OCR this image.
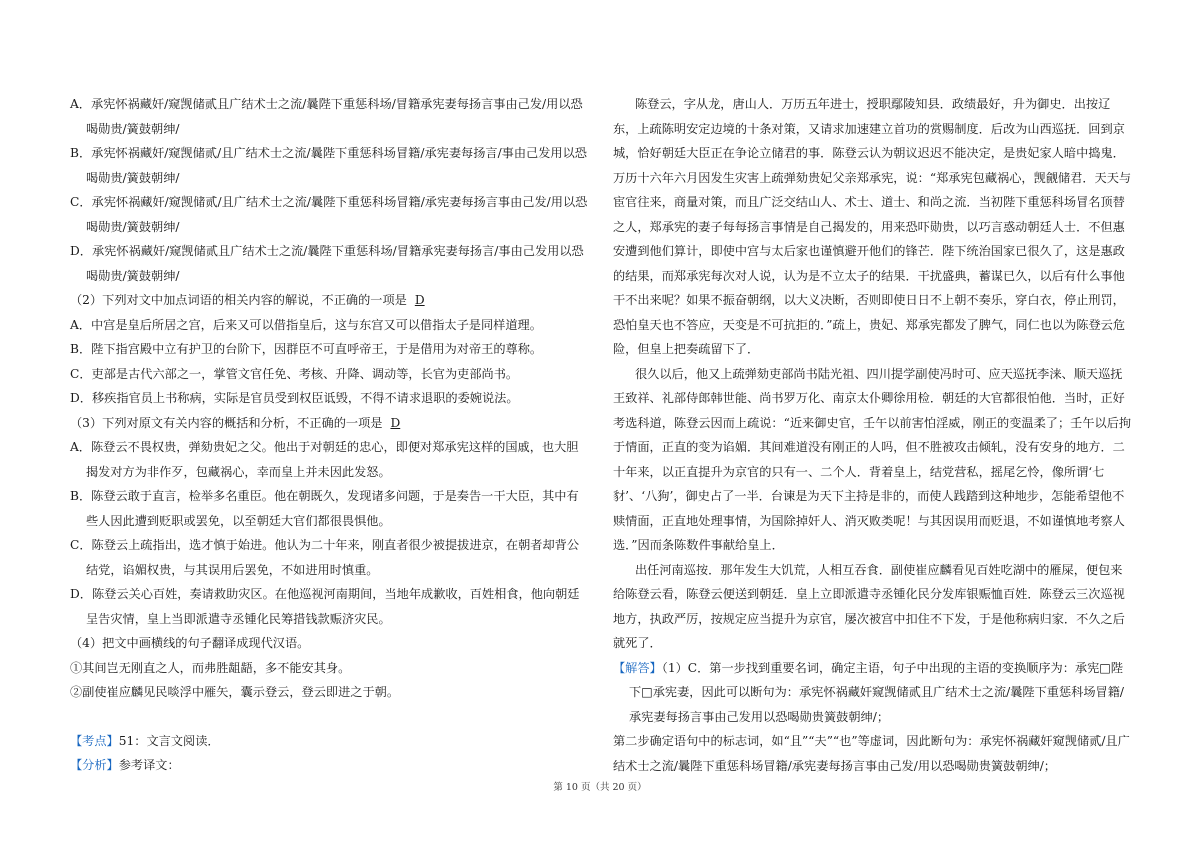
A．承宪怀祸藏奸/窥觊储贰且广结术士之流/曩陛下重惩科场/冒籍承宪妻每扬言事由己发/用以恐喝勋贵/簧鼓朝绅/

B．承宪怀祸藏奸/窥觊储贰/且广结术士之流/曩陛下重惩科场冒籍/承宪妻每扬言/事由己发用以恐喝勋贵/簧鼓朝绅/

C．承宪怀祸藏奸/窥觊储贰/且广结术士之流/曩陛下重惩科场冒籍/承宪妻每扬言事由己发/用以恐喝勋贵/簧鼓朝绅/

D．承宪怀祸藏奸/窥觊储贰且广结术士之流/曩陛下重惩科场/冒籍承宪妻每扬言/事由己发用以恐喝勋贵/簧鼓朝绅/

（2）下列对文中加点词语的相关内容的解说，不正确的一项是 D

A．中宫是皇后所居之宫，后来又可以借指皇后，这与东宫又可以借指太子是同样道理。

B．陛下指宫殿中立有护卫的台阶下，因群臣不可直呼帝王，于是借用为对帝王的尊称。

C．吏部是古代六部之一，掌管文官任免、考核、升降、调动等，长官为吏部尚书。

D．移疾指官员上书称病，实际是官员受到权臣诋毁，不得不请求退职的委婉说法。

（3）下列对原文有关内容的概括和分析，不正确的一项是 D

A．陈登云不畏权贵，弹劾贵妃之父。他出于对朝廷的忠心，即便对郑承宪这样的国戚，也大胆揭发对方为非作歹，包藏祸心，幸而皇上并未因此发怒。

B．陈登云敢于直言，检举多名重臣。他在朝既久，发现诸多问题，于是奏告一干大臣，其中有些人因此遭到贬职或罢免，以至朝廷大官们都很畏惧他。

C．陈登云上疏指出，选才慎于始进。他认为二十年来，刚直者很少被提拔进京，在朝者却背公结党，谄媚权贵，与其误用后罢免，不如进用时慎重。

D．陈登云关心百姓，奏请救助灾区。在他巡视河南期间，当地年成歉收，百姓相食，他向朝廷呈告灾情，皇上当即派遣寺丞锺化民筹措钱款赈济灾民。

（4）把文中画横线的句子翻译成现代汉语。

①其间岂无刚直之人，而弗胜龃龉，多不能安其身。

②副使崔应麟见民啖浮中雁矢，囊示登云，登云即进之于朝。

【考点】51：文言文阅读．

【分析】参考译文：

陈登云，字从龙，唐山人．万历五年进士，授职鄢陵知县．政绩最好，升为御史．出按辽东，上疏陈明安定边境的十条对策，又请求加速建立首功的赏赐制度．后改为山西巡抚．回到京城，恰好朝廷大臣正在争论立储君的事．陈登云认为朝议迟迟不能决定，是贵妃家人暗中捣鬼．万历十六年六月因发生灾害上疏弹劾贵妃父亲郑承宪，说：“郑承宪包藏祸心，觊觎储君．天天与宦官往来，商量对策，而且广泛交结山人、术士、道士、和尚之流．当初陛下重惩科场冒名顶替之人，郑承宪的妻子每每扬言事情是自己揭发的，用来恐吓勋贵，以巧言惑动朝廷人士．不但惠安遭到他们算计，即使中宫与太后家也谨慎避开他们的锋芒．陛下统治国家已很久了，这是惠政的结果，而郑承宪每次对人说，认为是不立太子的结果．干扰盛典，蓄谋已久，以后有什么事他干不出来呢？如果不振奋朝纲，以大义决断，否则即使日日不上朝不奏乐，穿白衣，停止刑罚，恐怕皇天也不答应，天变是不可抗拒的．”疏上，贵妃、郑承宪都发了脾气，同仁也以为陈登云危险，但皇上把奏疏留下了．

很久以后，他又上疏弹劾吏部尚书陆光祖、四川提学副使冯时可、应天巡抚李涞、顺天巡抚王致祥、礼部侍郎韩世能、尚书罗万化、南京太仆卿徐用检．朝廷的大官都很怕他．当时，正好考选科道，陈登云因而上疏说：“近来御史官，壬午以前害怕淫威，刚正的变温柔了；壬午以后拘于情面，正直的变为谄媚．其间难道没有刚正的人吗，但不胜被攻击倾轧，没有安身的地方．二十年来，以正直提升为京官的只有一、二个人．背着皇上，结党营私，摇尾乞怜，像所谓‘七豺’、‘八狗’，御史占了一半．台谏是为天下主持是非的，而使人践踏到这种地步，怎能希望他不赎情面，正直地处理事情，为国除掉奸人、消灭败类呢！与其因误用而贬退，不如谨慎地考察人选．”因而条陈数件事献给皇上．

出任河南巡按．那年发生大饥荒，人相互吞食．副使崔应麟看见百姓吃湖中的雁屎，便包来给陈登云看，陈登云便送到朝廷．皇上立即派遣寺丞锺化民分发库银赈恤百姓．陈登云三次巡视地方，执政严厉，按规定应当提升为京官，屡次被宫中扣住不下发，于是他称病归家．不久之后就死了．

【解答】（1）C．第一步找到重要名词，确定主语，句子中出现的主语的变换顺序为：承宪□陛下□承宪妻，因此可以断句为：承宪怀祸藏奸窥觊储贰且广结术士之流/曩陛下重惩科场冒籍/承宪妻每扬言事由己发用以恐喝勋贵簧鼓朝绅/；

第二步确定语句中的标志词，如“且”“夫”“也”等虚词，因此断句为：承宪怀祸藏奸窥觊储贰/且广结术士之流/曩陛下重惩科场冒籍/承宪妻每扬言事由己发/用以恐喝勋贵簧鼓朝绅/；

第 10 页（共 20 页）
